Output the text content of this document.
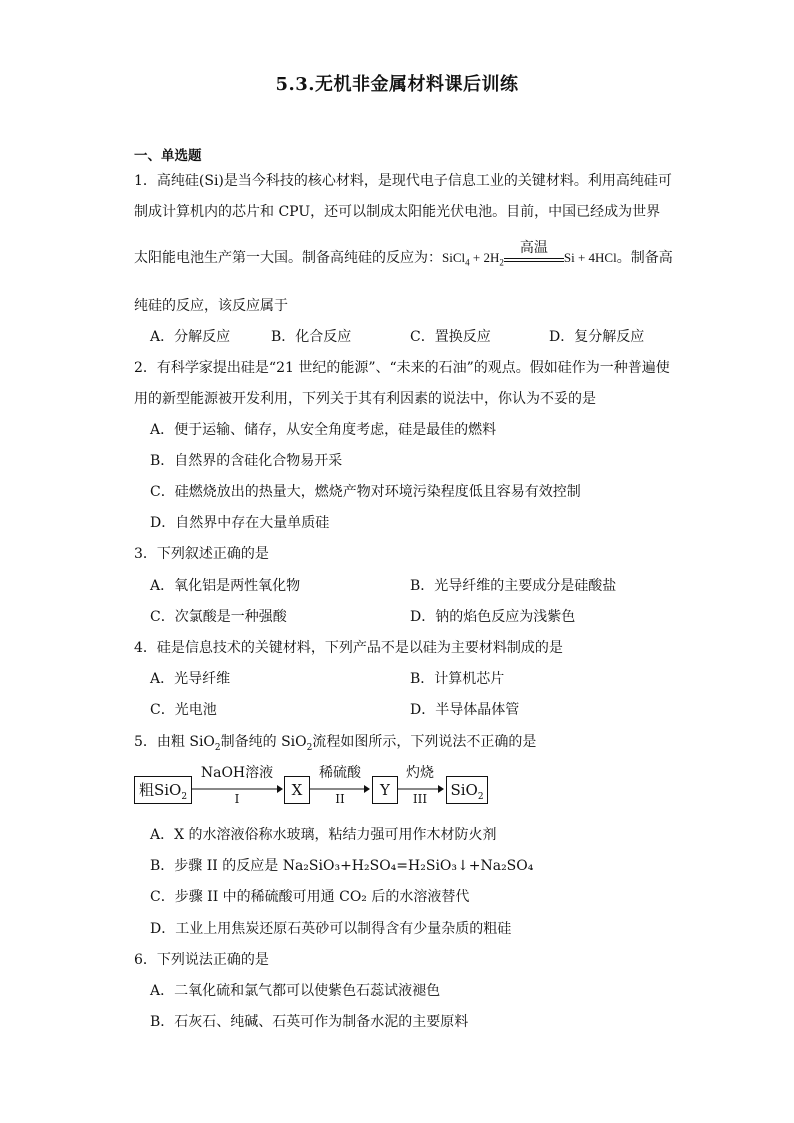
5.3.无机非金属材料课后训练
一、单选题
1．高纯硅(Si)是当今科技的核心材料，是现代电子信息工业的关键材料。利用高纯硅可
制成计算机内的芯片和 CPU，还可以制成太阳能光伏电池。目前，中国已经成为世界
太阳能电池生产第一大国。制备高纯硅的反应为：SiCl$_4$ + $2H_2$
高温
Si + 4HCl。制备高
纯硅的反应，该反应属于
A．分解反应	B．化合反应	C．置换反应	D．复分解反应
2．有科学家提出硅是“21 世纪的能源”、“未来的石油”的观点。假如硅作为一种普遍使
用的新型能源被开发利用，下列关于其有利因素的说法中，你认为不妥的是
A．便于运输、储存，从安全角度考虑，硅是最佳的燃料
B．自然界的含硅化合物易开采
C．硅燃烧放出的热量大，燃烧产物对环境污染程度低且容易有效控制
D．自然界中存在大量单质硅
3．下列叙述正确的是
A．氧化铝是两性氧化物	B．光导纤维的主要成分是硅酸盐
C．次氯酸是一种强酸	D．钠的焰色反应为浅紫色
4．硅是信息技术的关键材料，下列产品不是以硅为主要材料制成的是
A．光导纤维	B．计算机芯片
C．光电池	D．半导体晶体管
5．由粗 SiO$_2$制备纯的 SiO$_2$流程如图所示，下列说法不正确的是
粗SiO$_2$
NaOH溶液
I	X
稀硫酸
II	Y
灼烧
III	SiO$_2$
A．X 的水溶液俗称水玻璃，粘结力强可用作木材防火剂
B．步骤 II 的反应是 Na₂SiO₃+H₂SO₄=H₂SiO₃↓+Na₂SO₄
C．步骤 II 中的稀硫酸可用通 CO₂ 后的水溶液替代
D．工业上用焦炭还原石英砂可以制得含有少量杂质的粗硅
6．下列说法正确的是
A．二氧化硫和氯气都可以使紫色石蕊试液褪色
B．石灰石、纯碱、石英可作为制备水泥的主要原料
